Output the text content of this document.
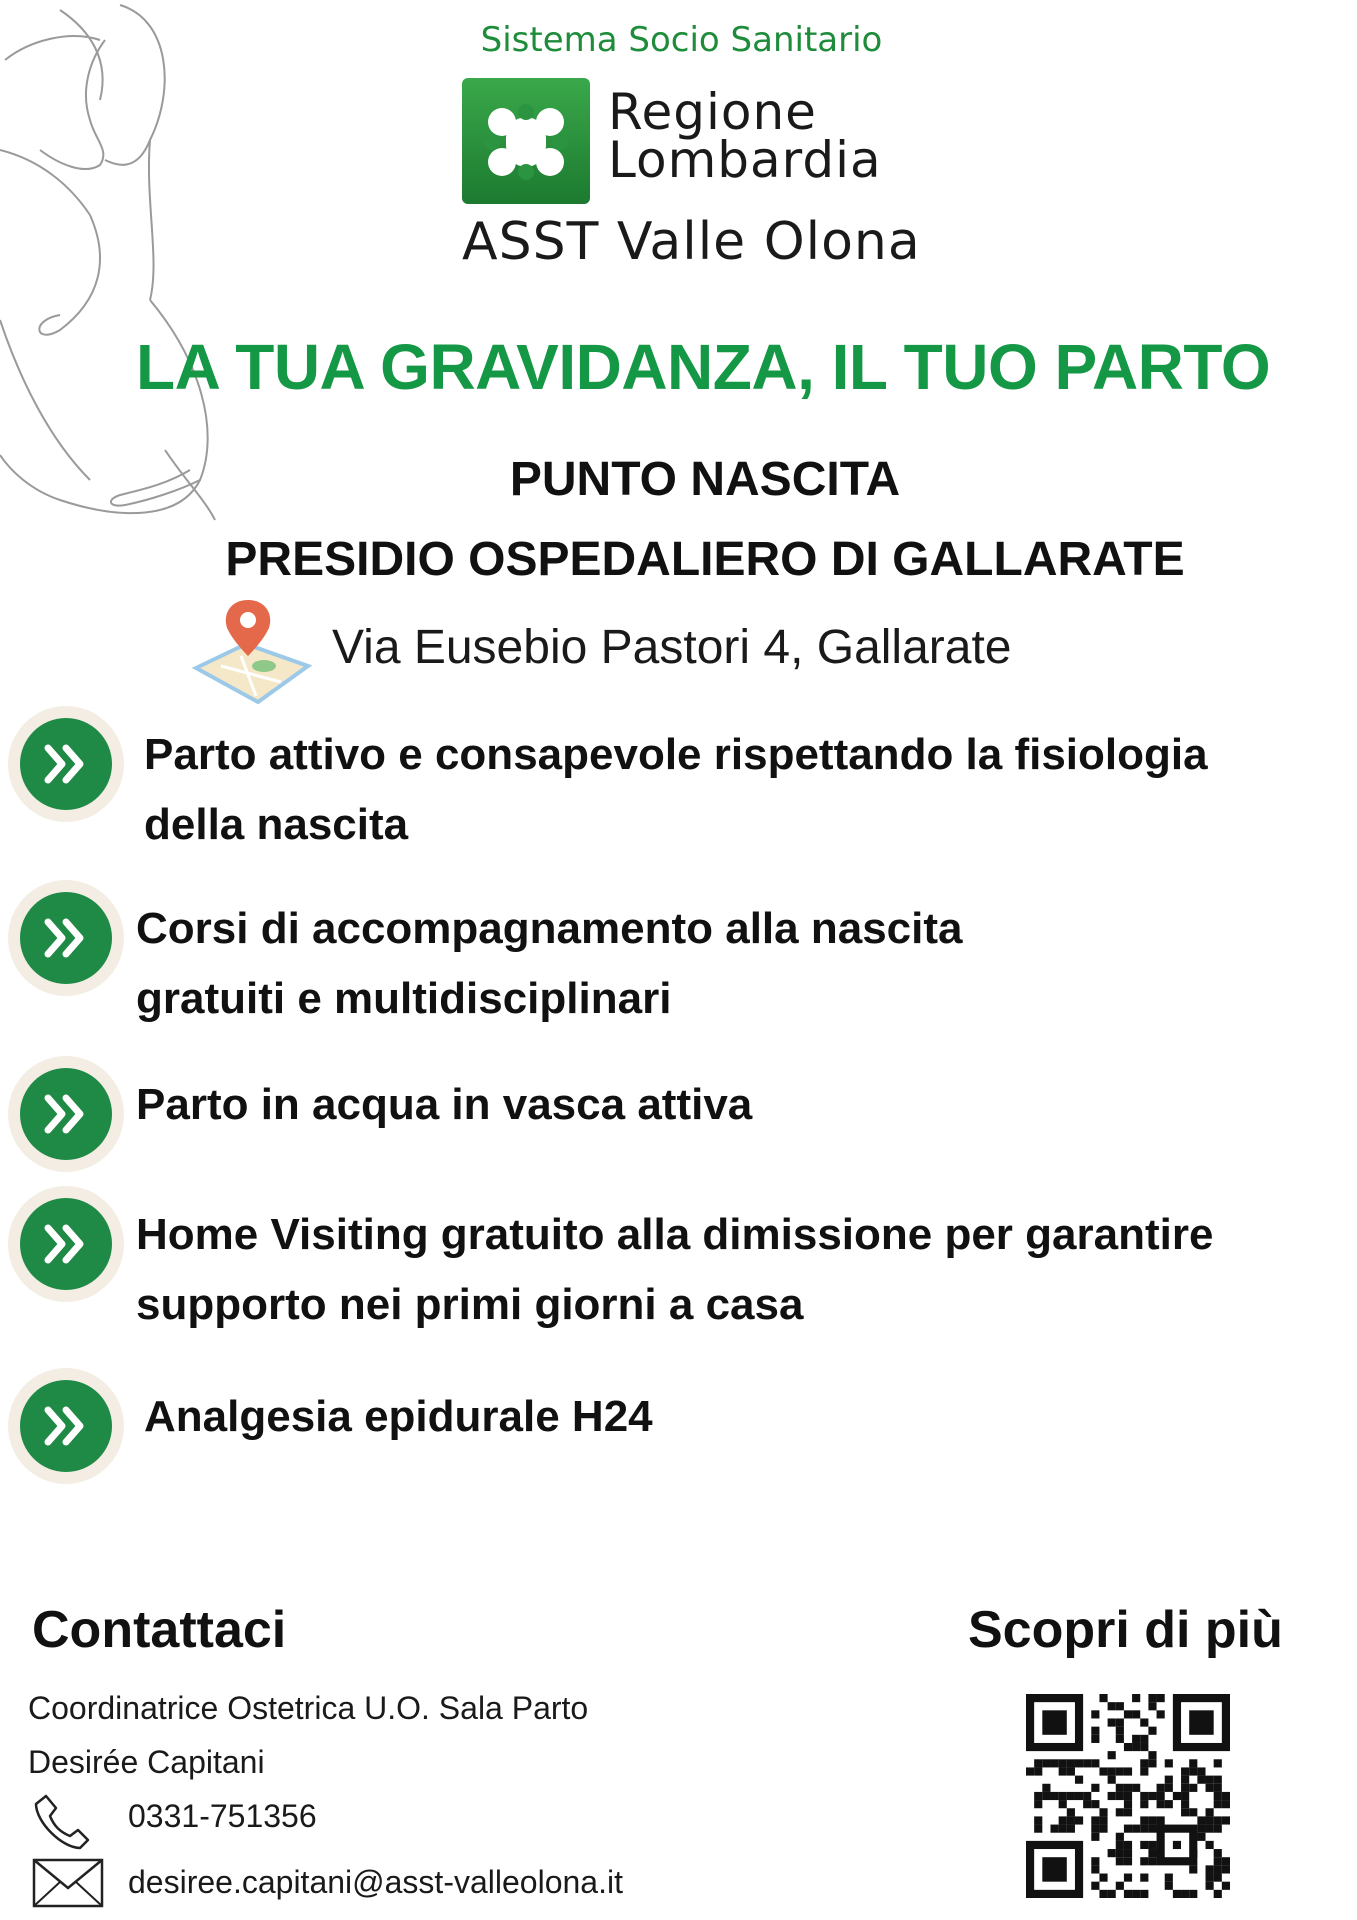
Sistema Socio Sanitario
Regione
Lombardia
ASST Valle Olona
LA TUA GRAVIDANZA, IL TUO PARTO
PUNTO NASCITA
PRESIDIO OSPEDALIERO DI GALLARATE
Via Eusebio Pastori 4, Gallarate
Parto attivo e consapevole rispettando la fisiologia
della nascita
Corsi di accompagnamento alla nascita
gratuiti e multidisciplinari
Parto in acqua in vasca attiva
Home Visiting gratuito alla dimissione per garantire
supporto nei primi giorni a casa
Analgesia epidurale H24
Contattaci	Scopri di più
Coordinatrice Ostetrica U.O. Sala Parto
Desirée Capitani
0331-751356
desiree.capitani@asst-valleolona.it
